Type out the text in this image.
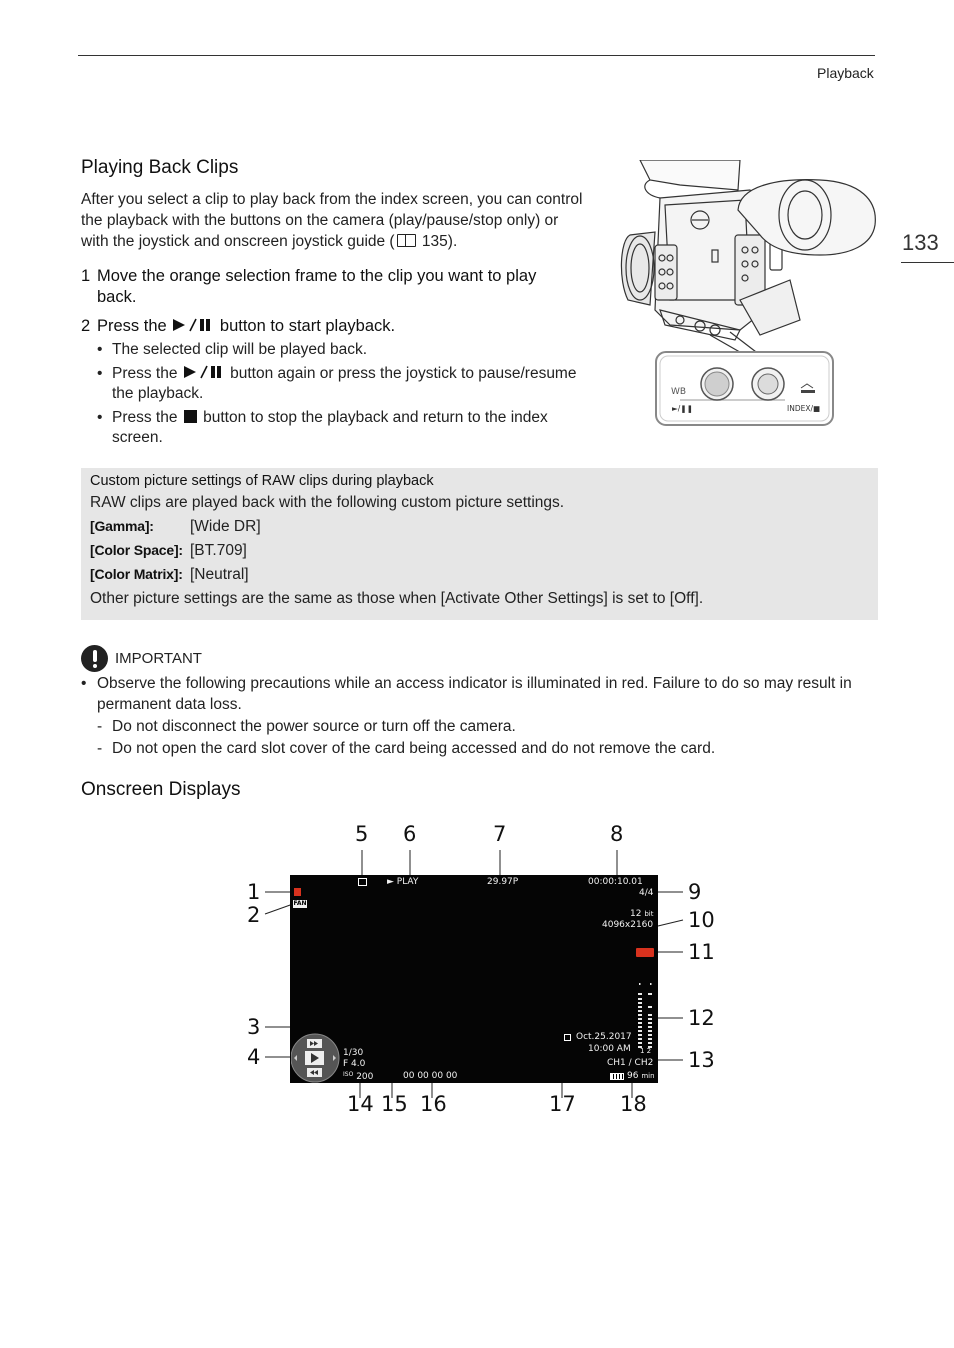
Playback
133
Playing Back Clips
After you select a clip to play back from the index screen, you can control
the playback with the buttons on the camera (play/pause/stop only) or
with the joystick and onscreen joystick guide ( 135).
1 Move the orange selection frame to the clip you want to play
back.
2 Press the	button to start playback.
• The selected clip will be played back.
• Press the	button again or press the joystick to pause/resume
the playback.
• Press the button to stop the playback and return to the index
screen.
WB
►/❚❚	INDEX/■
Custom picture settings of RAW clips during playback
RAW clips are played back with the following custom picture settings.
[Gamma]: [Wide DR]
[Color Space]: [BT.709]
[Color Matrix]: [Neutral]
Other picture settings are the same as those when [Activate Other Settings] is set to [Off].
IMPORTANT
• Observe the following precautions while an access indicator is illuminated in red. Failure to do so may result in
permanent data loss.
- Do not disconnect the power source or turn off the camera.
- Do not open the card slot cover of the card being accessed and do not remove the card.
Onscreen Displays
5 6	7	8
1
2
3
4
9
10
11
12
13
14 15 16	17 18
FAN
► PLAY	29.97P	00:00:10.01
4/4
12 bit
4096x2160
1 2
Oct.25.2017
10:00 AM
CH1 / CH2
96 min
1/30
F 4.0
$^{ISO}$ 200	00 00 00 00
